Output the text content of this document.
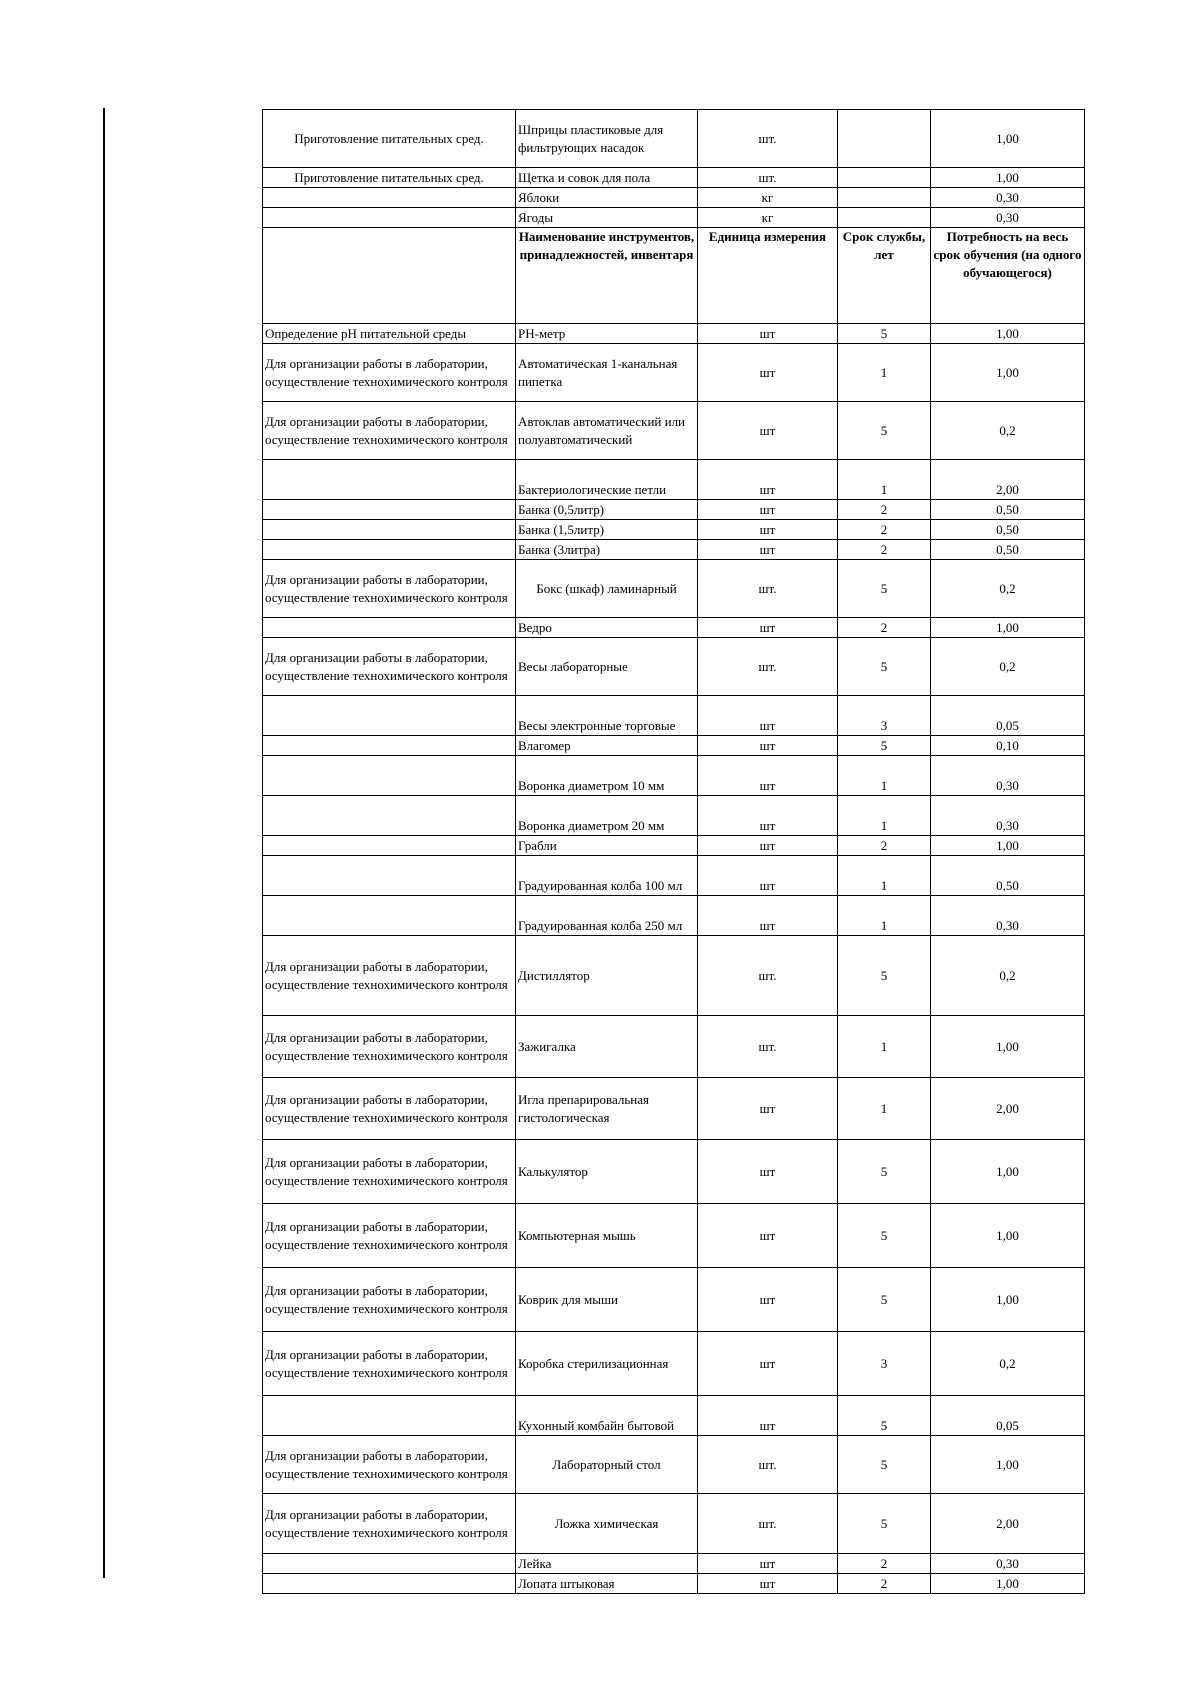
Приготовление питательных сред.	Шприцы пластиковые для фильтрующих насадок	шт.		1,00
Приготовление питательных сред.	Щетка и совок для пола	шт.		1,00
	Яблоки	кг		0,30
	Ягоды	кг		0,30
	Наименование инструментов, принадлежностей, инвентаря	Единица измерения	Срок службы, лет	Потребность на весь срок обучения (на одного обучающегося)
Определение рН питательной среды	РН-метр	шт	5	1,00
Для организации работы в лаборатории, осуществление технохимического контроля	Автоматическая 1-канальная пипетка	шт	1	1,00
Для организации работы в лаборатории, осуществление технохимического контроля	Автоклав автоматический или полуавтоматический	шт	5	0,2
	Бактериологические петли	шт	1	2,00
	Банка (0,5литр)	шт	2	0,50
	Банка (1,5литр)	шт	2	0,50
	Банка (3литра)	шт	2	0,50
Для организации работы в лаборатории, осуществление технохимического контроля	Бокс (шкаф) ламинарный	шт.	5	0,2
	Ведро	шт	2	1,00
Для организации работы в лаборатории, осуществление технохимического контроля	Весы лабораторные	шт.	5	0,2
	Весы электронные торговые	шт	3	0,05
	Влагомер	шт	5	0,10
	Воронка диаметром 10 мм	шт	1	0,30
	Воронка диаметром 20 мм	шт	1	0,30
	Грабли	шт	2	1,00
	Градуированная колба 100 мл	шт	1	0,50
	Градуированная колба 250 мл	шт	1	0,30
Для организации работы в лаборатории, осуществление технохимического контроля	Дистиллятор	шт.	5	0,2
Для организации работы в лаборатории, осуществление технохимического контроля	Зажигалка	шт.	1	1,00
Для организации работы в лаборатории, осуществление технохимического контроля	Игла препарировальная гистологическая	шт	1	2,00
Для организации работы в лаборатории, осуществление технохимического контроля	Калькулятор	шт	5	1,00
Для организации работы в лаборатории, осуществление технохимического контроля	Компьютерная мышь	шт	5	1,00
Для организации работы в лаборатории, осуществление технохимического контроля	Коврик для мыши	шт	5	1,00
Для организации работы в лаборатории, осуществление технохимического контроля	Коробка стерилизационная	шт	3	0,2
	Кухонный комбайн бытовой	шт	5	0,05
Для организации работы в лаборатории, осуществление технохимического контроля	Лабораторный стол	шт.	5	1,00
Для организации работы в лаборатории, осуществление технохимического контроля	Ложка химическая	шт.	5	2,00
	Лейка	шт	2	0,30
	Лопата штыковая	шт	2	1,00
